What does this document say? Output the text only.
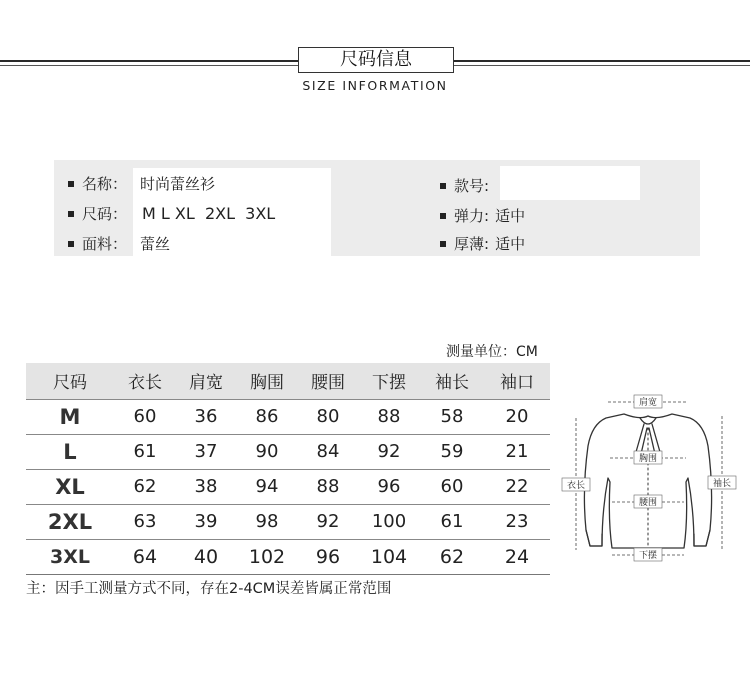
尺码信息
SIZE INFORMATION
名称： 时尚蕾丝衫
尺码： M L XL  2XL  3XL
面料： 蕾丝
款号:
弹力: 适中
厚薄: 适中
测量单位：CM
尺码	衣长	肩宽	胸围	腰围	下摆	袖长	袖口
M	60	36	86	80	88	58	20
L	61	37	90	84	92	59	21
XL	62	38	94	88	96	60	22
2XL	63	39	98	92	100	61	23
3XL	64	40	102	96	104	62	24
主：因手工测量方式不同，存在2-4CM误差皆属正常范围
肩宽
胸围
腰围
下摆
衣长	袖长
